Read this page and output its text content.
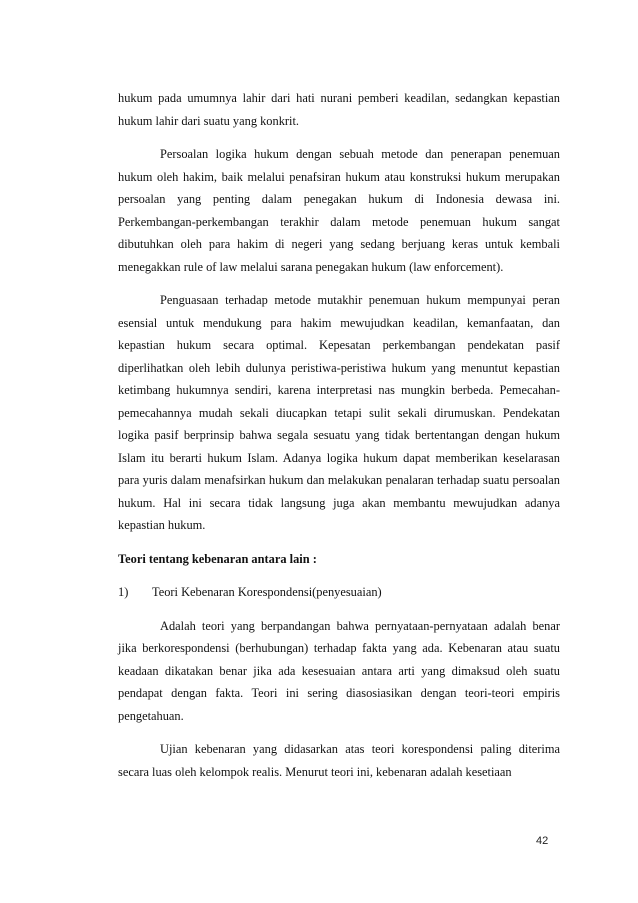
hukum pada umumnya lahir dari hati nurani pemberi keadilan, sedangkan kepastian hukum lahir dari suatu yang konkrit.

Persoalan logika hukum dengan sebuah metode dan penerapan penemuan hukum oleh hakim, baik melalui penafsiran hukum atau konstruksi hukum merupakan persoalan yang penting dalam penegakan hukum di Indonesia dewasa ini. Perkembangan-perkembangan terakhir dalam metode penemuan hukum sangat dibutuhkan oleh para hakim di negeri yang sedang berjuang keras untuk kembali menegakkan rule of law melalui sarana penegakan hukum (law enforcement).

Penguasaan terhadap metode mutakhir penemuan hukum mempunyai peran esensial untuk mendukung para hakim mewujudkan keadilan, kemanfaatan, dan kepastian hukum secara optimal. Kepesatan perkembangan pendekatan pasif diperlihatkan oleh lebih dulunya peristiwa-peristiwa hukum yang menuntut kepastian ketimbang hukumnya sendiri, karena interpretasi nas mungkin berbeda. Pemecahan-pemecahannya mudah sekali diucapkan tetapi sulit sekali dirumuskan. Pendekatan logika pasif berprinsip bahwa segala sesuatu yang tidak bertentangan dengan hukum Islam itu berarti hukum Islam. Adanya logika hukum dapat memberikan keselarasan para yuris dalam menafsirkan hukum dan melakukan penalaran terhadap suatu persoalan hukum. Hal ini secara tidak langsung juga akan membantu mewujudkan adanya kepastian hukum.

Teori tentang kebenaran antara lain :
1)	Teori Kebenaran Korespondensi(penyesuaian)

Adalah teori yang berpandangan bahwa pernyataan-pernyataan adalah benar jika berkorespondensi (berhubungan) terhadap fakta yang ada. Kebenaran atau suatu keadaan dikatakan benar jika ada kesesuaian antara arti yang dimaksud oleh suatu pendapat dengan fakta. Teori ini sering diasosiasikan dengan teori-teori empiris pengetahuan.

Ujian kebenaran yang didasarkan atas teori korespondensi paling diterima secara luas oleh kelompok realis. Menurut teori ini, kebenaran adalah kesetiaan

42
